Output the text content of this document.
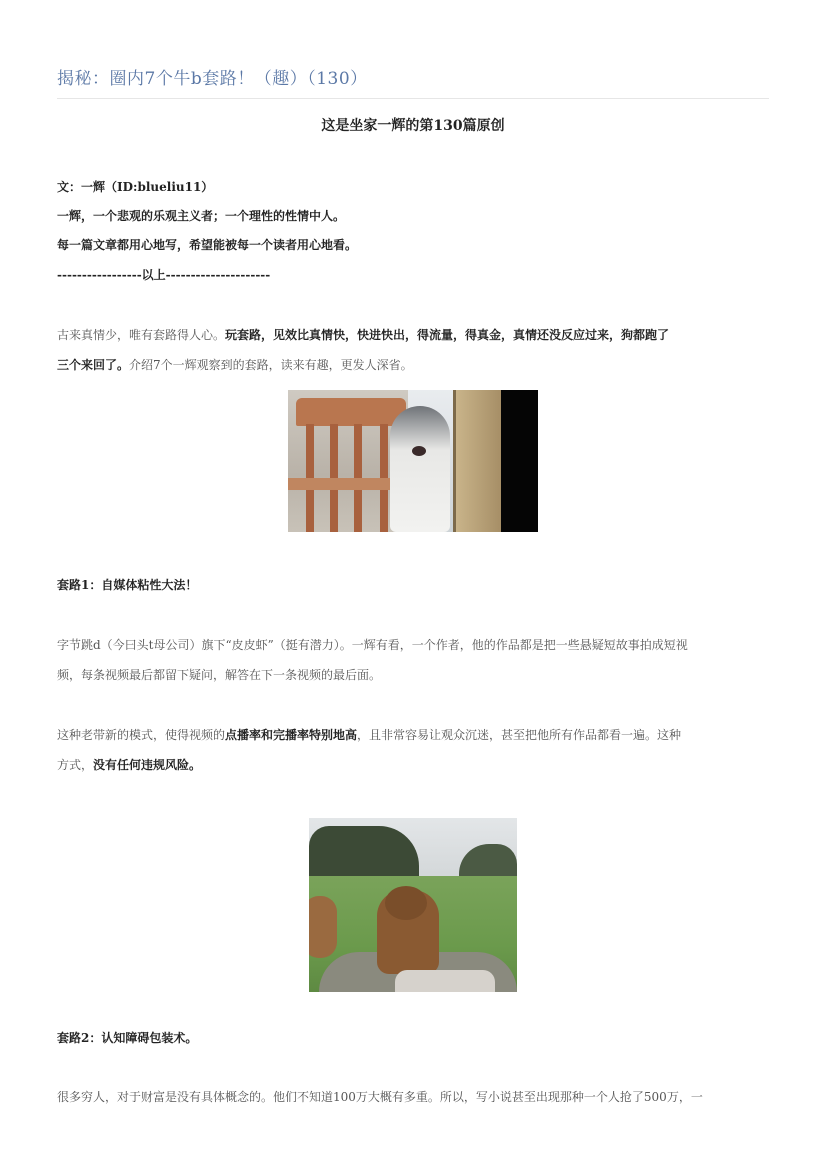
揭秘：圈内7个牛b套路！（趣）（130）
这是坐家一辉的第130篇原创
文：一辉（ID:blueliu11）
一辉，一个悲观的乐观主义者；一个理性的性情中人。
每一篇文章都用心地写，希望能被每一个读者用心地看。
-----------------以上---------------------
古来真情少，唯有套路得人心。玩套路，见效比真情快，快进快出，得流量，得真金，真情还没反应过来，狗都跑了
三个来回了。介绍7个一辉观察到的套路，读来有趣，更发人深省。
套路1：自媒体粘性大法！
字节跳d（今曰头t母公司）旗下“皮皮虾”（挺有潜力）。一辉有看，一个作者，他的作品都是把一些悬疑短故事拍成短视
频，每条视频最后都留下疑问，解答在下一条视频的最后面。
这种老带新的模式，使得视频的点播率和完播率特别地高，且非常容易让观众沉迷，甚至把他所有作品都看一遍。这种
方式，没有任何违规风险。
套路2：认知障碍包装术。
很多穷人，对于财富是没有具体概念的。他们不知道100万大概有多重。所以，写小说甚至出现那种一个人抢了500万，一
